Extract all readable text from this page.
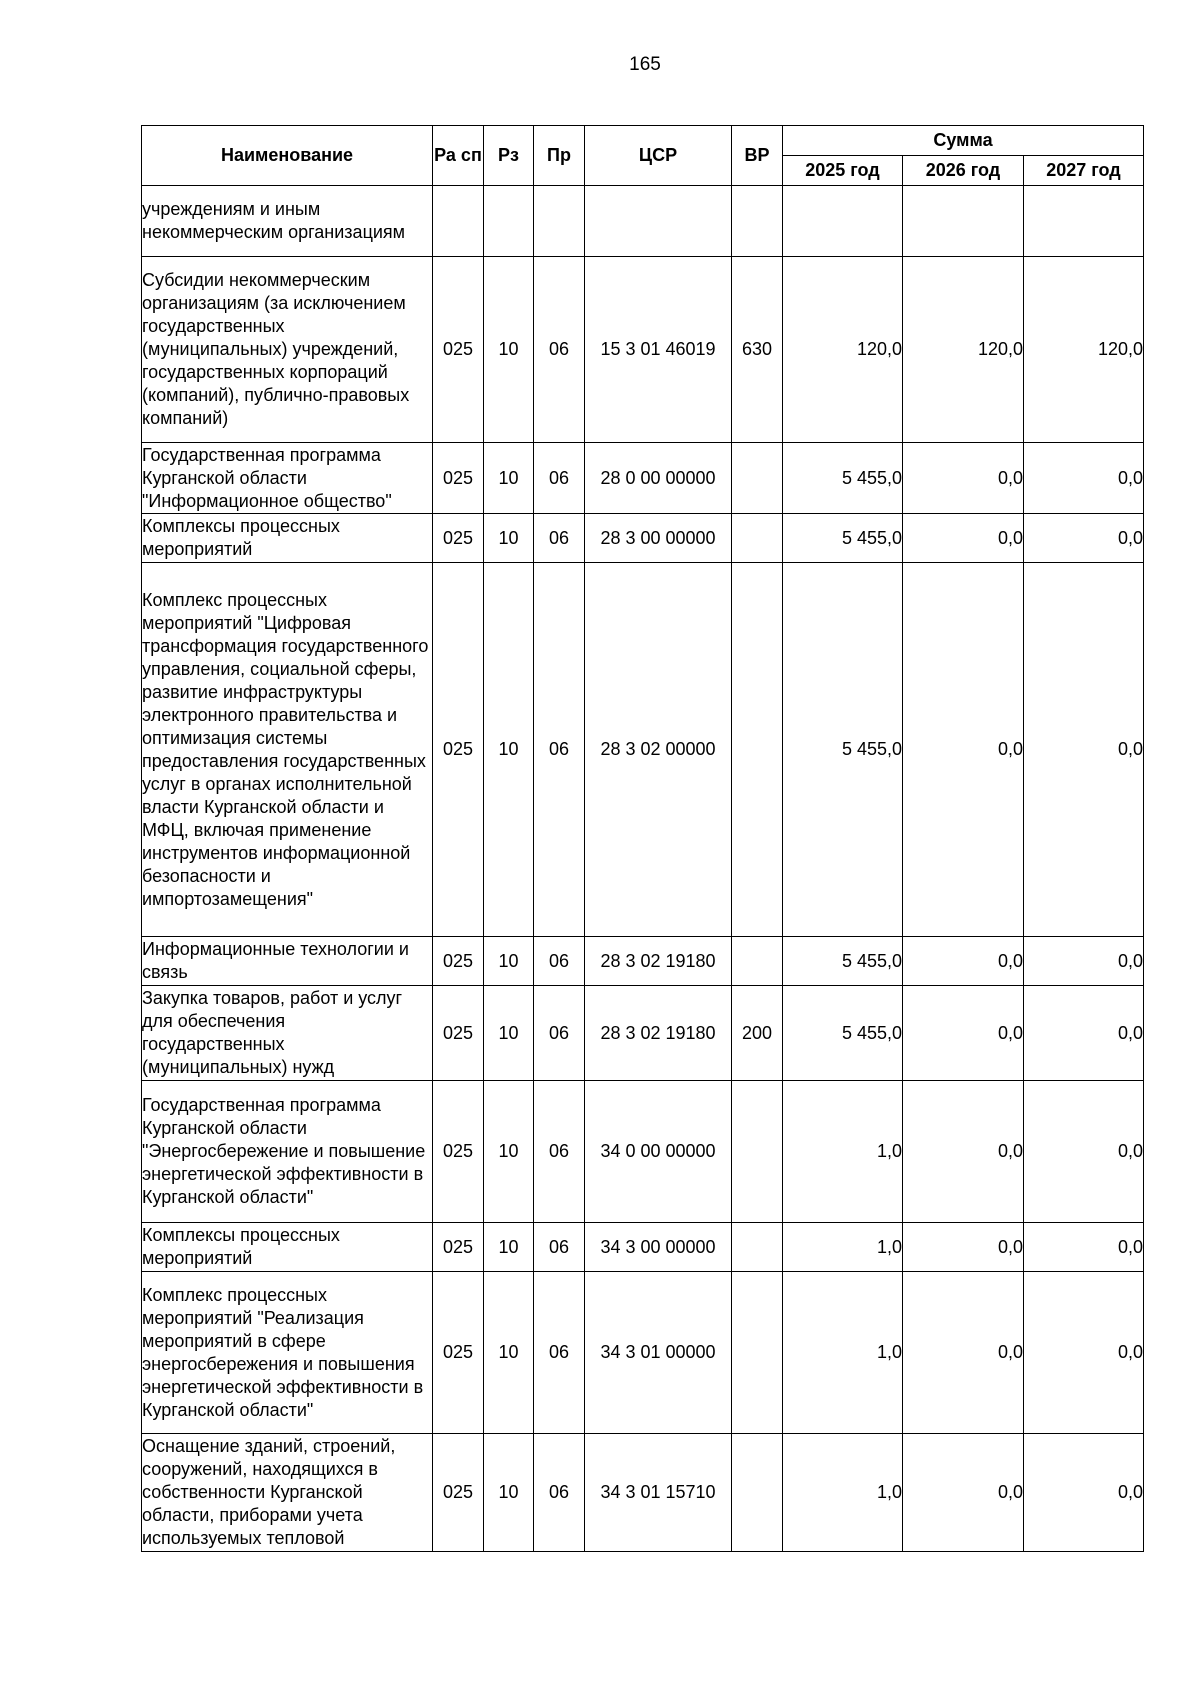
165
Наименование	Ра сп	Рз	Пр	ЦСР	ВР	Сумма		
						2025 год	2026 год	2027 год
учреждениям и иным некоммерческим организациям								
Субсидии некоммерческим организациям (за исключением государственных (муниципальных) учреждений, государственных корпораций (компаний), публично-правовых компаний)	025	10	06	15 3 01 46019	630	120,0	120,0	120,0
Государственная программа Курганской области "Информационное общество"	025	10	06	28 0 00 00000		5 455,0	0,0	0,0
Комплексы процессных мероприятий	025	10	06	28 3 00 00000		5 455,0	0,0	0,0
Комплекс процессных мероприятий "Цифровая трансформация государственного управления, социальной сферы, развитие инфраструктуры электронного правительства и оптимизация системы предоставления государственных услуг в органах исполнительной власти Курганской области и МФЦ, включая применение инструментов информационной безопасности и импортозамещения"	025	10	06	28 3 02 00000		5 455,0	0,0	0,0
Информационные технологии и связь	025	10	06	28 3 02 19180		5 455,0	0,0	0,0
Закупка товаров, работ и услуг для обеспечения государственных (муниципальных) нужд	025	10	06	28 3 02 19180	200	5 455,0	0,0	0,0
Государственная программа Курганской области "Энергосбережение и повышение энергетической эффективности в Курганской области"	025	10	06	34 0 00 00000		1,0	0,0	0,0
Комплексы процессных мероприятий	025	10	06	34 3 00 00000		1,0	0,0	0,0
Комплекс процессных мероприятий "Реализация мероприятий в сфере энергосбережения и повышения энергетической эффективности в Курганской области"	025	10	06	34 3 01 00000		1,0	0,0	0,0
Оснащение зданий, строений, сооружений, находящихся в собственности Курганской области, приборами учета используемых тепловой	025	10	06	34 3 01 15710		1,0	0,0	0,0
